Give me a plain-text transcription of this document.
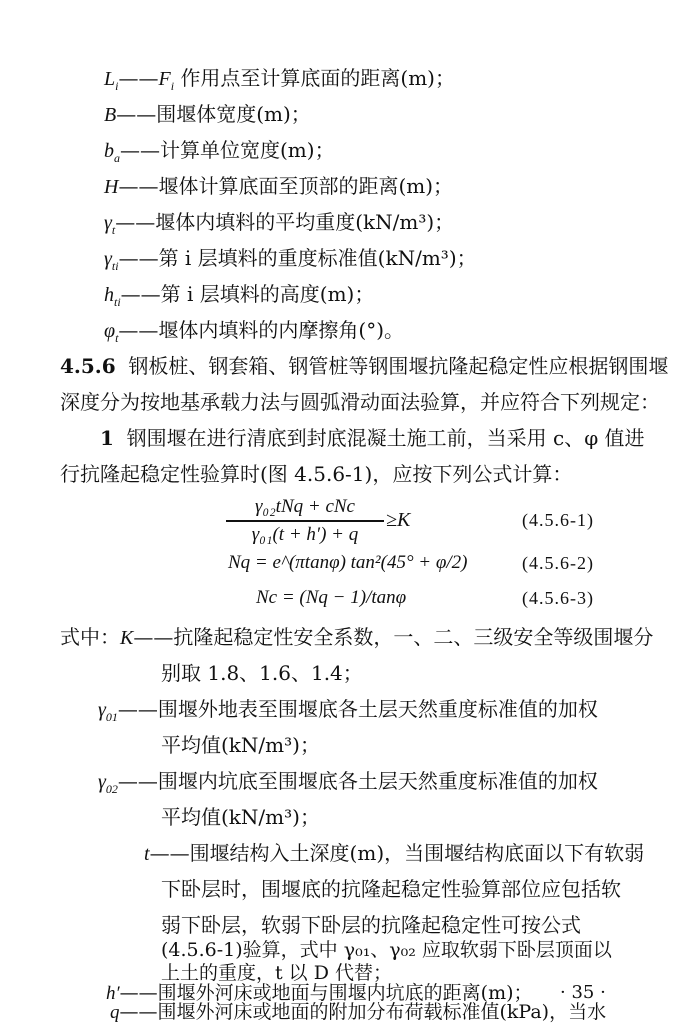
$L_i——F_i$ 作用点至计算底面的距离(m)；
B——围堰体宽度(m)；
$b_a——$计算单位宽度(m)；
H——堰体计算底面至顶部的距离(m)；
$\gamma_t——$堰体内填料的平均重度(kN/m³)；
$\gamma_{ti}——$第 i 层填料的重度标准值(kN/m³)；
$h_{ti}——$第 i 层填料的高度(m)；
$\varphi_t——$堰体内填料的内摩擦角(°)。
4.5.6 钢板桩、钢套箱、钢管桩等钢围堰抗隆起稳定性应根据钢围堰
深度分为按地基承载力法与圆弧滑动面法验算，并应符合下列规定：
1 钢围堰在进行清底到封底混凝土施工前，当采用 c、φ 值进
行抗隆起稳定性验算时(图 4.5.6-1)，应按下列公式计算：
γ₀₂tNq + cNc
γ₀₁(t + h′) + q
≥K	(4.5.6-1)
Nq = e^(πtanφ) tan²(45° + φ/2)	(4.5.6-2)
Nc = (Nq − 1)/tanφ	(4.5.6-3)
式中：K——抗隆起稳定性安全系数，一、二、三级安全等级围堰分
别取 1.8、1.6、1.4；
$\gamma_{01}——$围堰外地表至围堰底各土层天然重度标准值的加权
平均值(kN/m³)；
$\gamma_{02}——$围堰内坑底至围堰底各土层天然重度标准值的加权
平均值(kN/m³)；
t——围堰结构入土深度(m)，当围堰结构底面以下有软弱
下卧层时，围堰底的抗隆起稳定性验算部位应包括软
弱下卧层，软弱下卧层的抗隆起稳定性可按公式
(4.5.6-1)验算，式中 γ₀₁、γ₀₂ 应取软弱下卧层顶面以
上土的重度，t 以 D 代替；
h′——围堰外河床或地面与围堰内坑底的距离(m)；
q——围堰外河床或地面的附加分布荷载标准值(kPa)，当水
· 35 ·
